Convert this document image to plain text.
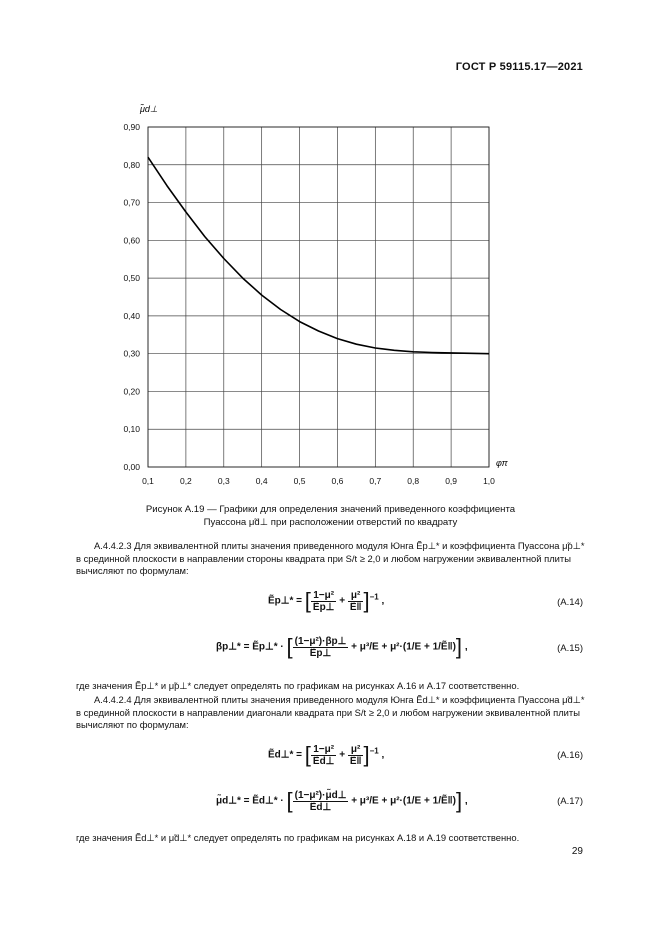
ГОСТ Р 59115.17—2021
0,1	0,2	0,3	0,4	0,5	0,6	0,7	0,8	0,9	1,0
0,00
0,10
0,20
0,30
0,40
0,50
0,60
0,70
0,80
0,90
μ̃d⊥
φπ
Рисунок А.19 — Графики для определения значений приведенного коэффициента
Пуассона μ̃d⊥ при расположении отверстий по квадрату
А.4.4.2.3 Для эквивалентной плиты значения приведенного модуля Юнга Ẽp⊥* и коэффициента Пуассона μ̃p⊥* в срединной плоскости в направлении стороны квадрата при S/t ≥ 2,0 и любом нагружении эквивалентной плиты вычисляют по формулам:
Ẽp⊥* = [ $\frac{\text{1−μ²}}{\text{Ẽp⊥}} + \frac{\text{μ²}}{\text{Ẽ‖}} ]^{-1}$ ,	(A.14)
βp⊥* = Ẽp⊥* · [ $\frac{\text{(1−μ²)·βp⊥}}{\text{Ẽp⊥}} + \mu^3/E + \mu^2\cdot(1/E$ + 1/Ẽ‖)] ,	(A.15)
где значения Ẽp⊥* и μ̃p⊥* следует определять по графикам на рисунках А.16 и А.17 соответственно.
А.4.4.2.4 Для эквивалентной плиты значения приведенного модуля Юнга Ẽd⊥* и коэффициента Пуассона μ̃d⊥* в срединной плоскости в направлении диагонали квадрата при S/t ≥ 2,0 и любом нагружении эквивалентной плиты вычисляют по формулам:
Ẽd⊥* = [ $\frac{\text{1−μ²}}{\text{Ẽd⊥}} + \frac{\text{μ²}}{\text{Ẽ‖}} ]^{-1}$ ,	(A.16)
μ̃d⊥* = Ẽd⊥* · [ $\frac{\text{(1−μ²)·μ̃d⊥}}{\text{Ẽd⊥}} + \mu^3/E + \mu^2\cdot(1/E$ + 1/Ẽ‖)] ,	(A.17)
где значения Ẽd⊥* и μ̃d⊥* следует определять по графикам на рисунках А.18 и А.19 соответственно.
29
